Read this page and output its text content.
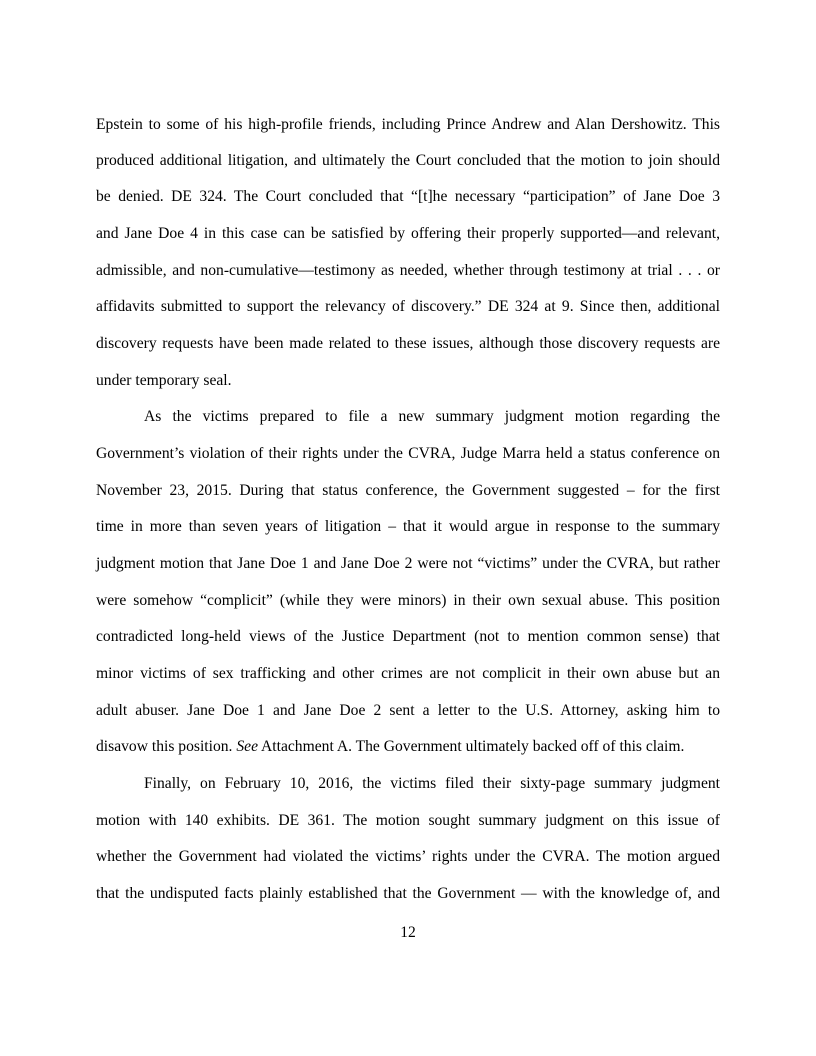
Epstein to some of his high-profile friends, including Prince Andrew and Alan Dershowitz. This
produced additional litigation, and ultimately the Court concluded that the motion to join should
be denied. DE 324. The Court concluded that “[t]he necessary “participation” of Jane Doe 3
and Jane Doe 4 in this case can be satisfied by offering their properly supported—and relevant,
admissible, and non-cumulative—testimony as needed, whether through testimony at trial . . . or
affidavits submitted to support the relevancy of discovery.” DE 324 at 9. Since then, additional
discovery requests have been made related to these issues, although those discovery requests are
under temporary seal.
As the victims prepared to file a new summary judgment motion regarding the
Government’s violation of their rights under the CVRA, Judge Marra held a status conference on
November 23, 2015. During that status conference, the Government suggested – for the first
time in more than seven years of litigation – that it would argue in response to the summary
judgment motion that Jane Doe 1 and Jane Doe 2 were not “victims” under the CVRA, but rather
were somehow “complicit” (while they were minors) in their own sexual abuse. This position
contradicted long-held views of the Justice Department (not to mention common sense) that
minor victims of sex trafficking and other crimes are not complicit in their own abuse but an
adult abuser. Jane Doe 1 and Jane Doe 2 sent a letter to the U.S. Attorney, asking him to
disavow this position. See Attachment A. The Government ultimately backed off of this claim.
Finally, on February 10, 2016, the victims filed their sixty-page summary judgment
motion with 140 exhibits. DE 361. The motion sought summary judgment on this issue of
whether the Government had violated the victims’ rights under the CVRA. The motion argued
that the undisputed facts plainly established that the Government — with the knowledge of, and
12
